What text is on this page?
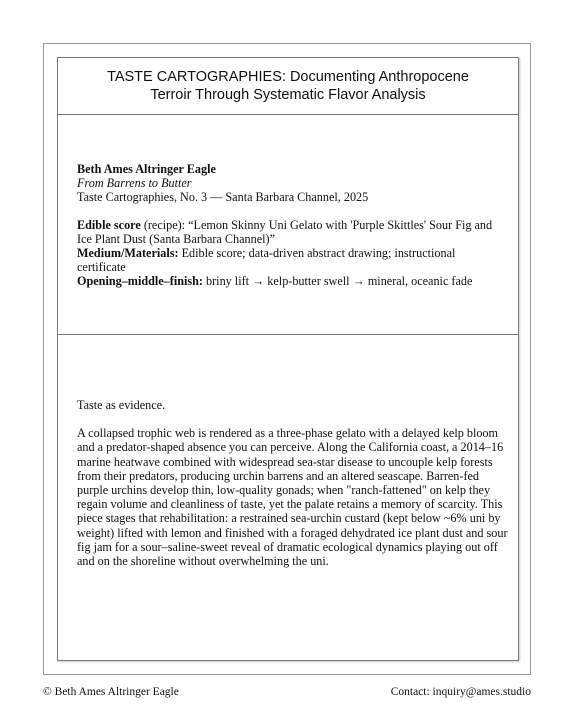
TASTE CARTOGRAPHIES: Documenting Anthropocene
Terroir Through Systematic Flavor Analysis
Beth Ames Altringer Eagle
From Barrens to Butter
Taste Cartographies, No. 3 — Santa Barbara Channel, 2025
Edible score (recipe): “Lemon Skinny Uni Gelato with 'Purple Skittles' Sour Fig and Ice Plant Dust (Santa Barbara Channel)”
Medium/Materials: Edible score; data-driven abstract drawing; instructional certificate
Opening–middle–finish: briny lift → kelp-butter swell → mineral, oceanic fade
Taste as evidence.
A collapsed trophic web is rendered as a three-phase gelato with a delayed kelp bloom and a predator-shaped absence you can perceive. Along the California coast, a 2014–16 marine heatwave combined with widespread sea-star disease to uncouple kelp forests from their predators, producing urchin barrens and an altered seascape. Barren-fed purple urchins develop thin, low-quality gonads; when "ranch-fattened" on kelp they regain volume and cleanliness of taste, yet the palate retains a memory of scarcity. This piece stages that rehabilitation: a restrained sea-urchin custard (kept below ~6% uni by weight) lifted with lemon and finished with a foraged dehydrated ice plant dust and sour fig jam for a sour–saline-sweet reveal of dramatic ecological dynamics playing out off and on the shoreline without overwhelming the uni.
© Beth Ames Altringer Eagle	Contact: inquiry@ames.studio
